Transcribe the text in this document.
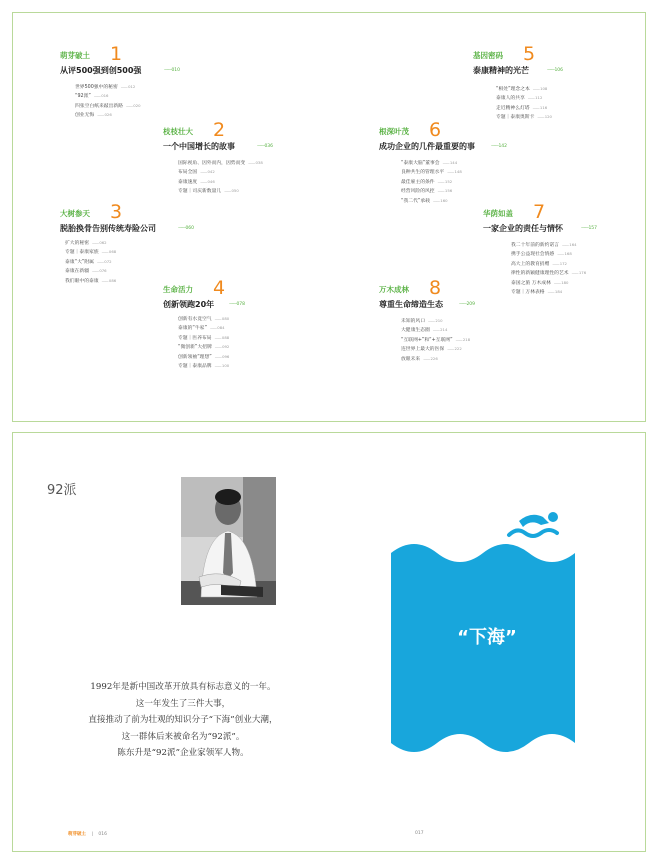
萌芽破土 1
从评500强到创500强	—— 010
世界500强中的秘密	—— 012
“92派”	—— 016
四张空白纸来敲出新路	—— 020
创业无悔	—— 026
枝枝壮大 2
一个中国增长的故事	—— 036
国际视角、因外而内，因势而变	—— 038
布局全国	—— 042
泰康速度	—— 046
专题｜司庆新数量儿	—— 050
大树参天 3
脱胎换骨告别传统寿险公司	—— 060
扩大的秘密	—— 062
专题｜泰康家族	—— 068
泰康“大”附属	—— 072
泰康在新疆	—— 076
我们眼中的泰康	—— 086
生命活力 4
创新领跑20年	—— 078
创新有水竟空气	—— 080
泰康的“牛家”	—— 084
专题｜医养布局	—— 088
“微创新”大招牌	—— 092
创新领袖“理想”	—— 096
专题｜泰康品牌	—— 100
基因密码 5
泰康精神的光芒	—— 106
“相处”理念之本	—— 108
泰康人的共享	—— 112
走近精神么灯塔	—— 116
专题｜泰康奥斯卡	—— 120
根深叶茂 6
成功企业的几件最重要的事	—— 142
“泰康大脑”董事会	—— 144
良种共生的管理水平	—— 148
最佳雇主的条件	—— 152
经营风险的风控	—— 156
“我二代”承载	—— 160
华荫如盖 7
一家企业的责任与情怀	—— 157
我二十年前的新约诺言	—— 164
携手公益现社会情感	—— 168
高大上的教育捐赠	—— 172
律性的新颖健康理性的艺术	—— 176
泰国之旅 万木成林	—— 180
专题｜万林表格	—— 184
万木成林 8
尊重生命缔造生态	—— 209
未知的风口	—— 210
大健康生态圈	—— 214
“互联网+”和“+互联网”	—— 218
连世界上最大的医保	—— 222
放眼未来	—— 226
92派
1992年是新中国改革开放具有标志意义的一年。
这一年发生了三件大事，
直接推动了前为壮观的知识分子“下海”创业大潮，
这一群体后来被命名为“92派”。
陈东升是“92派”企业家领军人物。
“下海”
萌芽破土 | 016	017
